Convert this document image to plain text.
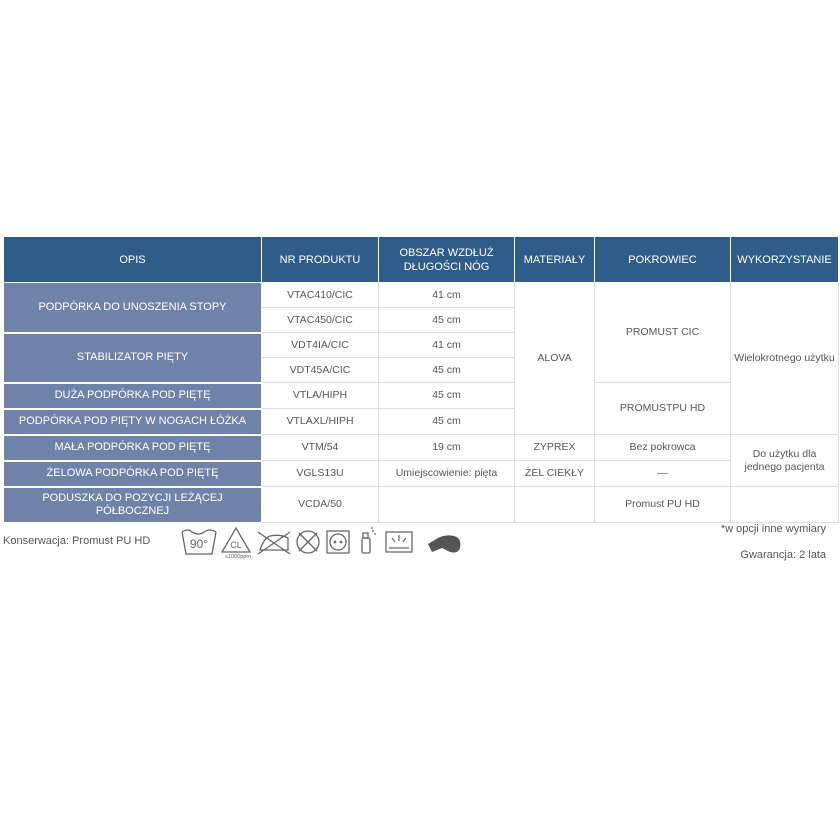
OPIS	NR PRODUKTU	OBSZAR WZDŁUŻ DŁUGOŚCI NÓG	MATERIAŁY	POKROWIEC	WYKORZYSTANIE
PODPÓRKA DO UNOSZENIA STOPY	VTAC410/CIC	41 cm	ALOVA	PROMUST CIC	Wielokrotnego użytku
	VTAC450/CIC	45 cm			
STABILIZATOR PIĘTY	VDT4IA/CIC	41 cm			
	VDT45A/CIC	45 cm			
DUŻA PODPÓRKA POD PIĘTĘ	VTLA/HIPH	45 cm		PROMUSTPU HD	
PODPÓRKA POD PIĘTY W NOGACH ŁÓŻKA	VTLAXL/HIPH	45 cm			
MAŁA PODPÓRKA POD PIĘTĘ	VTM/54	19 cm	ZYPREX	Bez pokrowca	Do użytku dla jednego pacjenta
ŻELOWA PODPÓRKA POD PIĘTĘ	VGLS13U	Umiejscowienie: pięta	ŻEL CIEKŁY	—	
PODUSZKA DO POZYCJI LEŻĄCEJ PÓŁBOCZNEJ	VCDA/50			Promust PU HD	
Konserwacja: Promust PU HD
*w opcji inne wymiary
Gwarancja: 2 lata
90° CL
≤1000ppm
